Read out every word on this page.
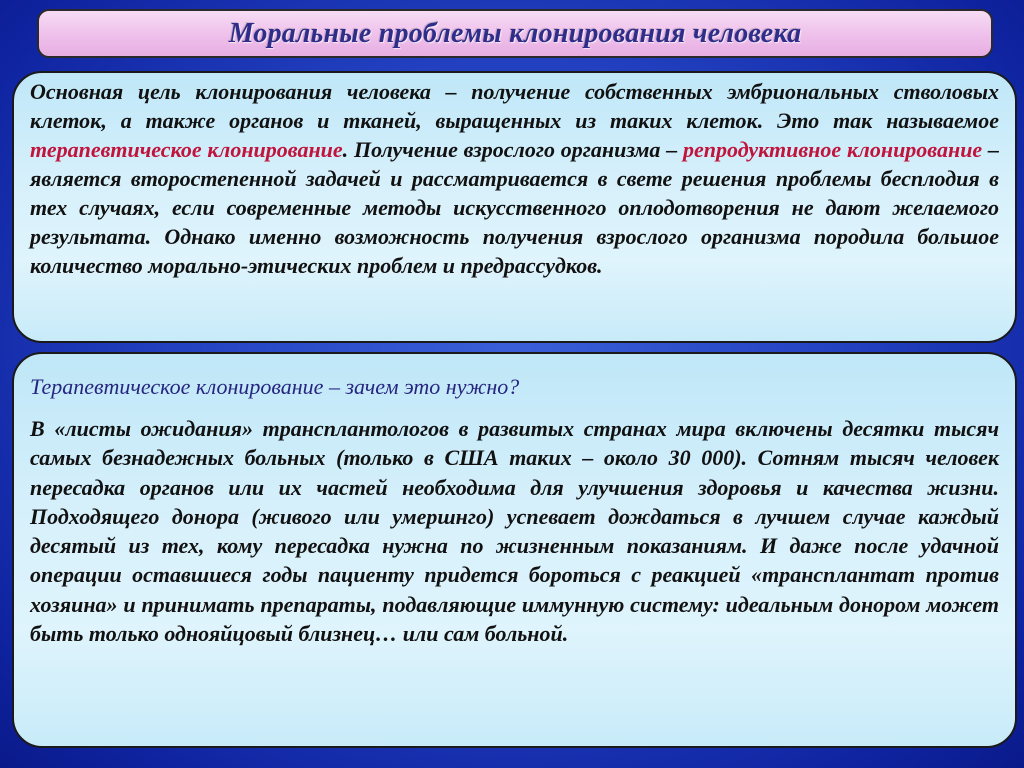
Моральные проблемы клонирования человека

Основная цель клонирования человека – получение собственных эмбриональных стволовых клеток, а также органов и тканей, выращенных из таких клеток. Это так называемое терапевтическое клонирование. Получение взрослого организма – репродуктивное клонирование – является второстепенной задачей и рассматривается в свете решения проблемы бесплодия в тех случаях, если современные методы искусственного оплодотворения не дают желаемого результата. Однако именно возможность получения взрослого организма породила большое количество морально-этических проблем и предрассудков.

Терапевтическое клонирование – зачем это нужно?

В «листы ожидания» трансплантологов в развитых странах мира включены десятки тысяч самых безнадежных больных (только в США таких – около 30 000). Сотням тысяч человек пересадка органов или их частей необходима для улучшения здоровья и качества жизни. Подходящего донора (живого или умершнго) успевает дождаться в лучшем случае каждый десятый из тех, кому пересадка нужна по жизненным показаниям. И даже после удачной операции оставшиеся годы пациенту придется бороться с реакцией «трансплантат против хозяина» и принимать препараты, подавляющие иммунную систему: идеальным донором может быть только однояйцовый близнец… или сам больной.
